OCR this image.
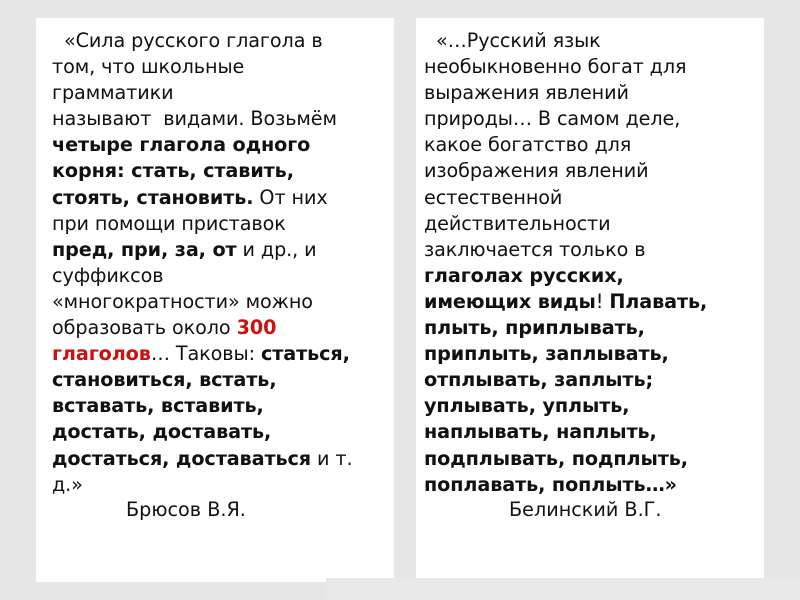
«Сила русского глагола в
том, что школьные
грамматики
называют  видами. Возьмём
четыре глагола одного
корня: стать, ставить,
стоять, становить. От них
при помощи приставок
пред, при, за, от и др., и
суффиксов
«многократности» можно
образовать около 300
глаголов… Таковы: статься,
становиться, встать,
вставать, вставить,
достать, доставать,
достаться, доставаться и т.
д.»
Брюсов В.Я.
«…Русский язык
необыкновенно богат для
выражения явлений
природы… В самом деле,
какое богатство для
изображения явлений
естественной
действительности
заключается только в
глаголах русских,
имеющих виды! Плавать,
плыть, приплывать,
приплыть, заплывать,
отплывать, заплыть;
уплывать, уплыть,
наплывать, наплыть,
подплывать, подплыть,
поплавать, поплыть…»
Белинский В.Г.
